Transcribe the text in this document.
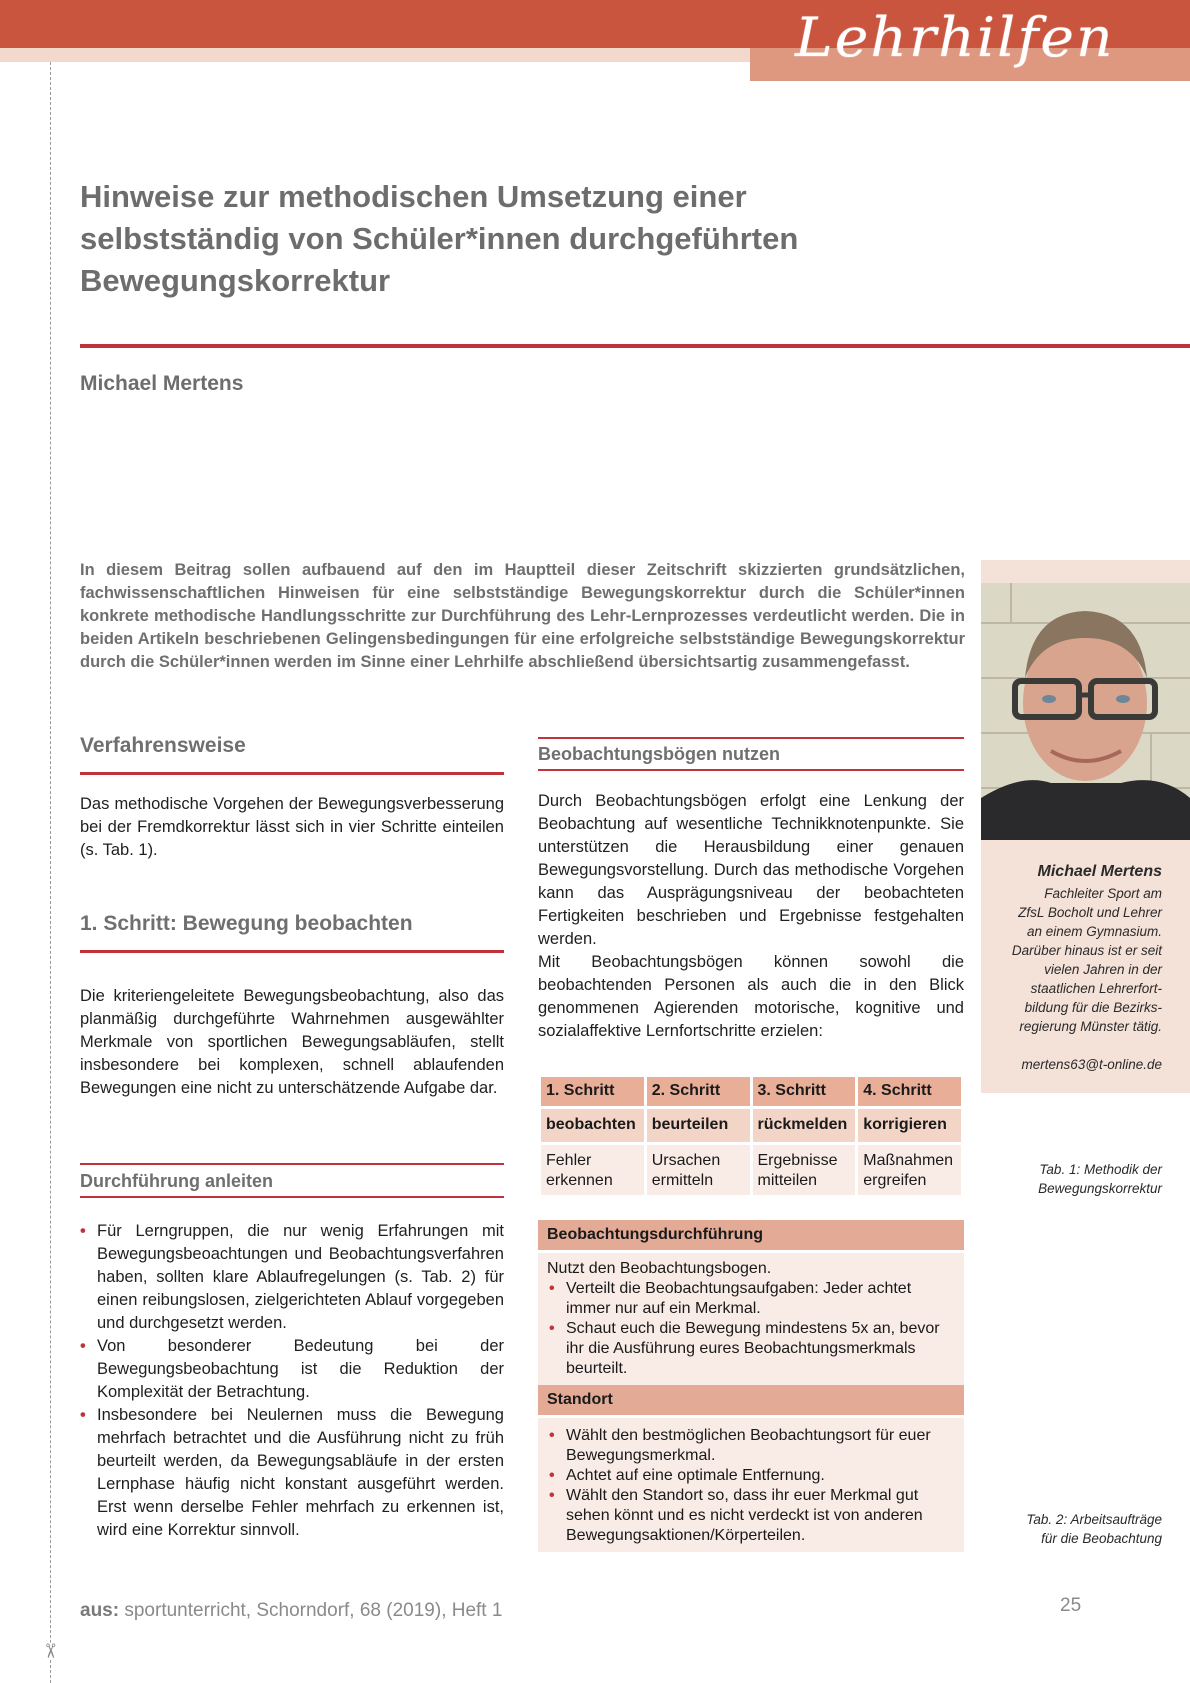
Lehrhilfen
✂
Hinweise zur methodischen Umsetzung einer
selbstständig von Schüler*innen durchgeführten
Bewegungskorrektur
Michael Mertens

In diesem Beitrag sollen aufbauend auf den im Hauptteil dieser Zeitschrift skizzierten grundsätzlichen, fachwissenschaftlichen Hinweisen für eine selbstständige Bewegungskorrektur durch die Schüler*innen konkrete methodische Handlungsschritte zur Durchführung des Lehr-Lernprozesses verdeutlicht werden. Die in beiden Artikeln beschriebenen Gelingensbedingungen für eine erfolgreiche selbstständige Bewegungskorrektur durch die Schüler*innen werden im Sinne einer Lehrhilfe abschließend übersichtsartig zusammengefasst.

Michael Mertens
Fachleiter Sport am
ZfsL Bocholt und Lehrer
an einem Gymnasium.
Darüber hinaus ist er seit
vielen Jahren in der
staatlichen Lehrerfort-
bildung für die Bezirks-
regierung Münster tätig.
mertens63@t-online.de
Verfahrensweise

Das methodische Vorgehen der Bewegungsverbesserung bei der Fremdkorrektur lässt sich in vier Schritte einteilen (s. Tab. 1).

1. Schritt: Bewegung beobachten

Die kriteriengeleitete Bewegungsbeobachtung, also das planmäßig durchgeführte Wahrnehmen ausgewählter Merkmale von sportlichen Bewegungsabläufen, stellt insbesondere bei komplexen, schnell ablaufenden Bewegungen eine nicht zu unterschätzende Aufgabe dar.

Durchführung anleiten
• Für Lerngruppen, die nur wenig Erfahrungen mit Bewegungsbeoachtungen und Beobachtungsverfahren haben, sollten klare Ablaufregelungen (s. Tab. 2) für einen reibungslosen, zielgerichteten Ablauf vorgegeben und durchgesetzt werden.
• Von besonderer Bedeutung bei der Bewegungsbeobachtung ist die Reduktion der Komplexität der Betrachtung.
• Insbesondere bei Neulernen muss die Bewegung mehrfach betrachtet und die Ausführung nicht zu früh beurteilt werden, da Bewegungsabläufe in der ersten Lernphase häufig nicht konstant ausgeführt werden. Erst wenn derselbe Fehler mehrfach zu erkennen ist, wird eine Korrektur sinnvoll.
Beobachtungsbögen nutzen

Durch Beobachtungsbögen erfolgt eine Lenkung der Beobachtung auf wesentliche Technikknotenpunkte. Sie unterstützen die Herausbildung einer genauen Bewegungsvorstellung. Durch das methodische Vorgehen kann das Ausprägungsniveau der beobachteten Fertigkeiten beschrieben und Ergebnisse festgehalten werden.

Mit Beobachtungsbögen können sowohl die beobachtenden Personen als auch die in den Blick genommenen Agierenden motorische, kognitive und sozialaffektive Lernfortschritte erzielen:

1. Schritt	2. Schritt	3. Schritt	4. Schritt
beobachten	beurteilen	rückmelden	korrigieren
Fehler erkennen	Ursachen ermitteln	Ergebnisse mitteilen	Maßnahmen ergreifen
Tab. 1: Methodik der
Bewegungskorrektur
Beobachtungsdurchführung
Nutzt den Beobachtungsbogen.
• Verteilt die Beobachtungsaufgaben: Jeder achtet immer nur auf ein Merkmal.
• Schaut euch die Bewegung mindestens 5x an, bevor ihr die Ausführung eures Beobachtungsmerkmals beurteilt.
Standort
• Wählt den bestmöglichen Beobachtungsort für euer Bewegungsmerkmal.
• Achtet auf eine optimale Entfernung.
• Wählt den Standort so, dass ihr euer Merkmal gut sehen könnt und es nicht verdeckt ist von anderen Bewegungsaktionen/Körperteilen.
Tab. 2: Arbeitsaufträge
für die Beobachtung
aus: sportunterricht, Schorndorf, 68 (2019), Heft 1	25
